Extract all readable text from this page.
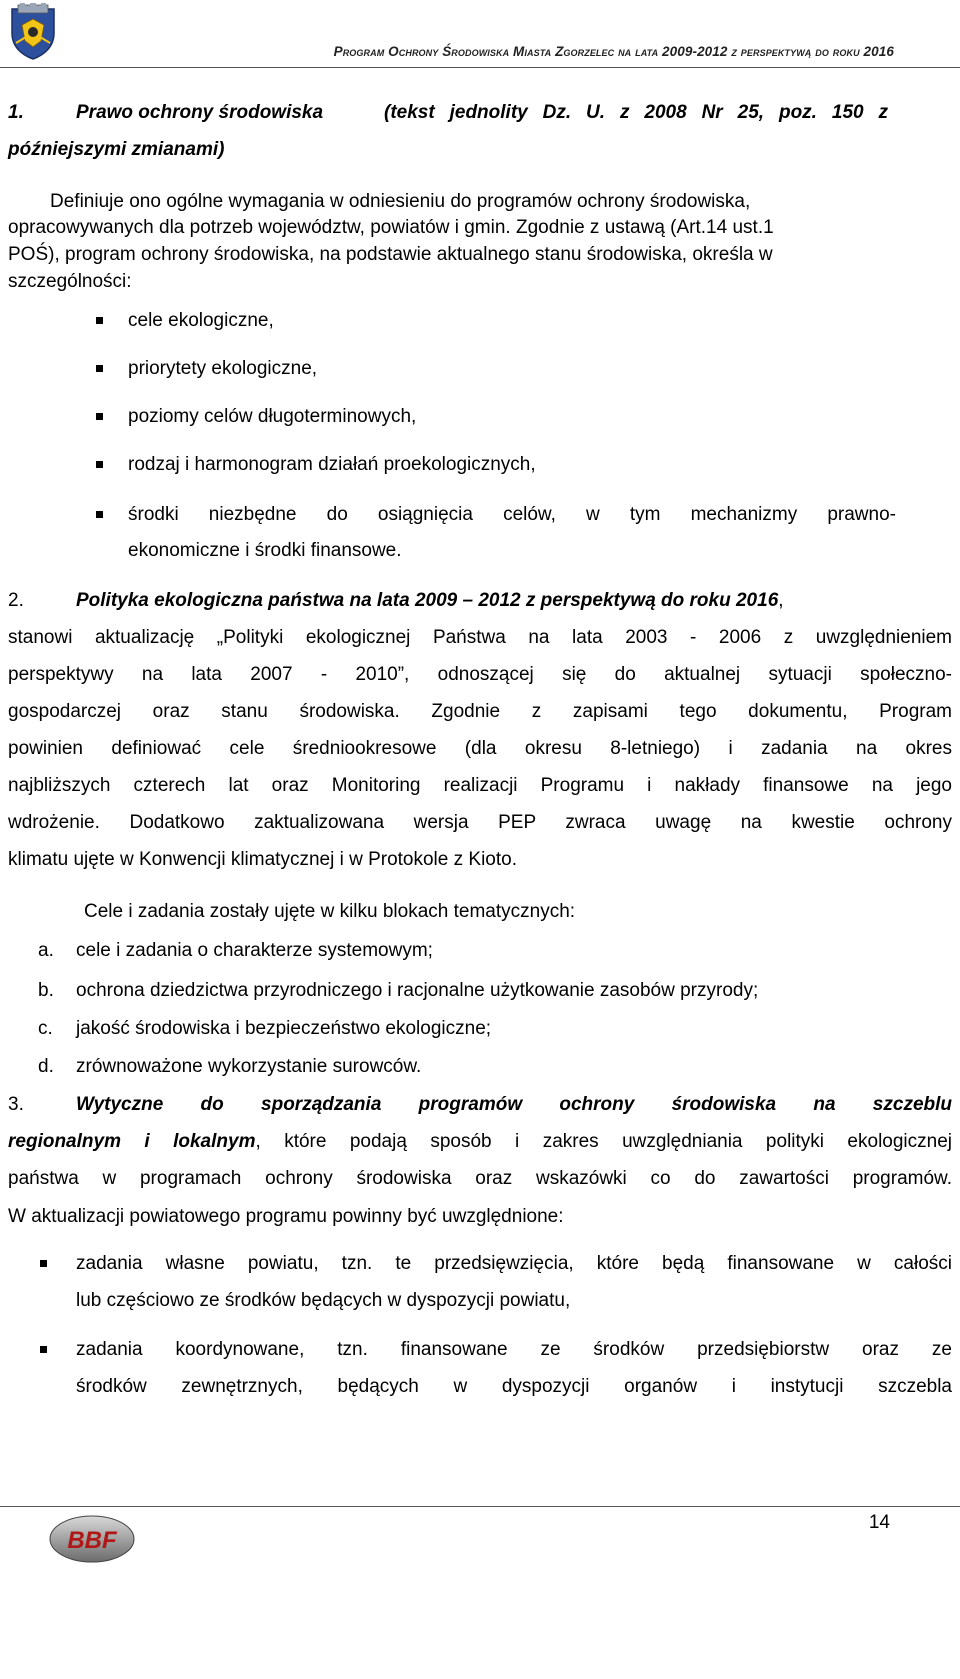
Program Ochrony Środowiska Miasta Zgorzelec na lata 2009-2012 z perspektywą do roku 2016
1.	Prawo ochrony środowiska	(tekst jednolity Dz. U. z 2008 Nr 25, poz. 150 z
późniejszymi zmianami)
Definiuje ono ogólne wymagania w odniesieniu do programów ochrony środowiska,
opracowywanych dla potrzeb województw, powiatów i gmin. Zgodnie z ustawą (Art.14 ust.1
POŚ), program ochrony środowiska, na podstawie aktualnego stanu środowiska, określa w
szczególności:
cele ekologiczne,
priorytety ekologiczne,
poziomy celów długoterminowych,
rodzaj i harmonogram działań proekologicznych,
środki niezbędne do osiągnięcia celów, w tym mechanizmy prawno-
ekonomiczne i środki finansowe.
2.	Polityka ekologiczna państwa na lata 2009 – 2012 z perspektywą do roku 2016,
stanowi aktualizację „Polityki ekologicznej Państwa na lata 2003 - 2006 z uwzględnieniem
perspektywy na lata 2007 - 2010”, odnoszącej się do aktualnej sytuacji społeczno-
gospodarczej oraz stanu środowiska. Zgodnie z zapisami tego dokumentu, Program
powinien definiować cele średniookresowe (dla okresu 8-letniego) i zadania na okres
najbliższych czterech lat oraz Monitoring realizacji Programu i nakłady finansowe na jego
wdrożenie. Dodatkowo zaktualizowana wersja PEP zwraca uwagę na kwestie ochrony
klimatu ujęte w Konwencji klimatycznej i w Protokole z Kioto.
Cele i zadania zostały ujęte w kilku blokach tematycznych:
a. cele i zadania o charakterze systemowym;
b. ochrona dziedzictwa przyrodniczego i racjonalne użytkowanie zasobów przyrody;
c. jakość środowiska i bezpieczeństwo ekologiczne;
d. zrównoważone wykorzystanie surowców.
3.	Wytyczne do sporządzania programów ochrony środowiska na szczeblu
regionalnym i lokalnym, które podają sposób i zakres uwzględniania polityki ekologicznej
państwa w programach ochrony środowiska oraz wskazówki co do zawartości programów.
W aktualizacji powiatowego programu powinny być uwzględnione:
zadania własne powiatu, tzn. te przedsięwzięcia, które będą finansowane w całości
lub częściowo ze środków będących w dyspozycji powiatu,
zadania koordynowane, tzn. finansowane ze środków przedsiębiorstw oraz ze
środków zewnętrznych, będących w dyspozycji organów i instytucji szczebla
BBF
14
